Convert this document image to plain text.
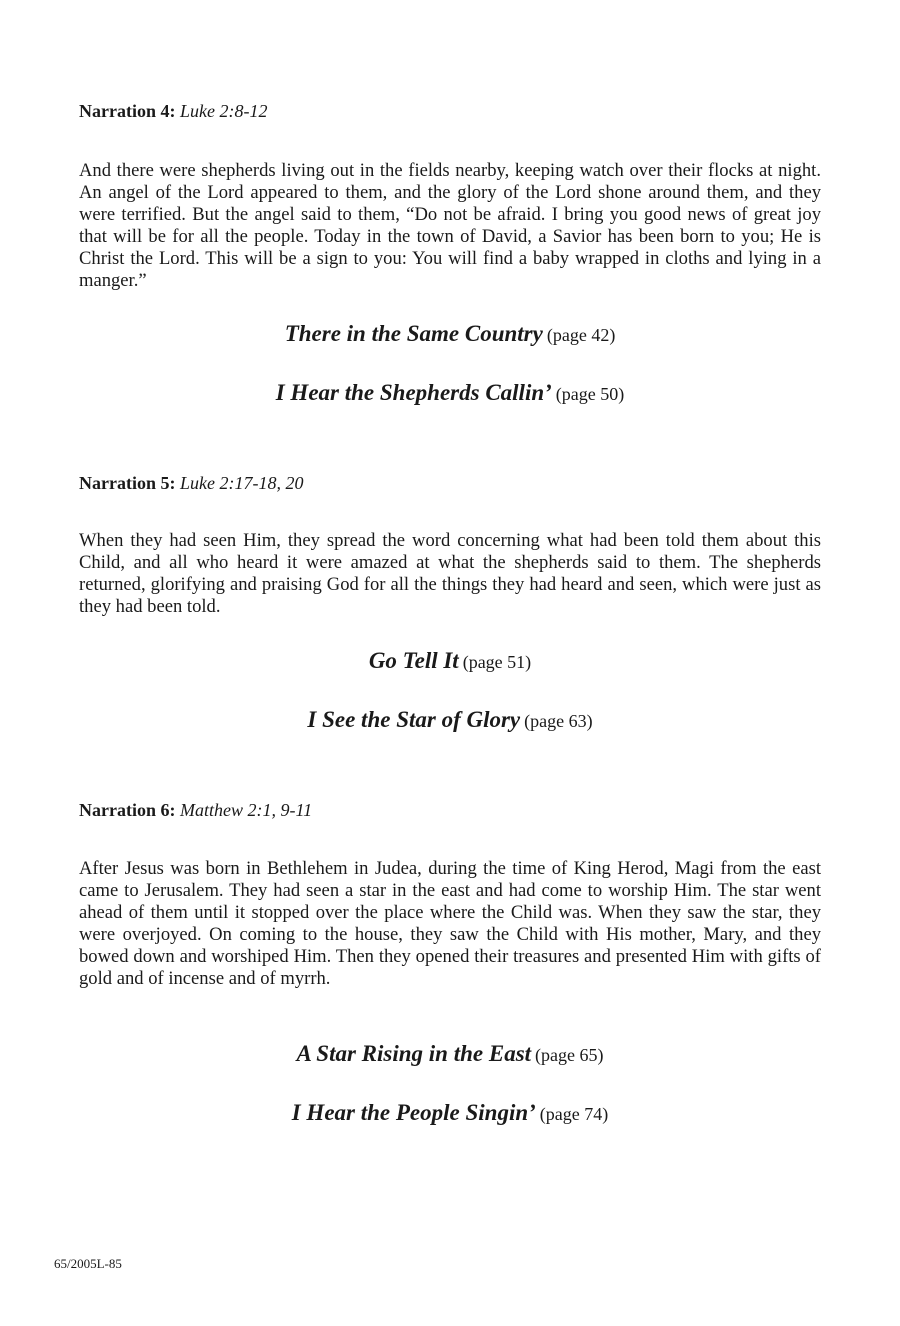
Narration 4: Luke 2:8-12

And there were shepherds living out in the fields nearby, keeping watch over their flocks at night. An angel of the Lord appeared to them, and the glory of the Lord shone around them, and they were terrified. But the angel said to them, “Do not be afraid. I bring you good news of great joy that will be for all the people. Today in the town of David, a Savior has been born to you; He is Christ the Lord. This will be a sign to you: You will find a baby wrapped in cloths and lying in a manger.”

There in the Same Country (page 42)

I Hear the Shepherds Callin’ (page 50)

Narration 5: Luke 2:17-18, 20

When they had seen Him, they spread the word concerning what had been told them about this Child, and all who heard it were amazed at what the shepherds said to them. The shepherds returned, glorifying and praising God for all the things they had heard and seen, which were just as they had been told.

Go Tell It (page 51)

I See the Star of Glory (page 63)

Narration 6: Matthew 2:1, 9-11

After Jesus was born in Bethlehem in Judea, during the time of King Herod, Magi from the east came to Jerusalem. They had seen a star in the east and had come to worship Him. The star went ahead of them until it stopped over the place where the Child was. When they saw the star, they were overjoyed. On coming to the house, they saw the Child with His mother, Mary, and they bowed down and worshiped Him. Then they opened their treasures and presented Him with gifts of gold and of incense and of myrrh.

A Star Rising in the East (page 65)

I Hear the People Singin’ (page 74)

65/2005L-85
